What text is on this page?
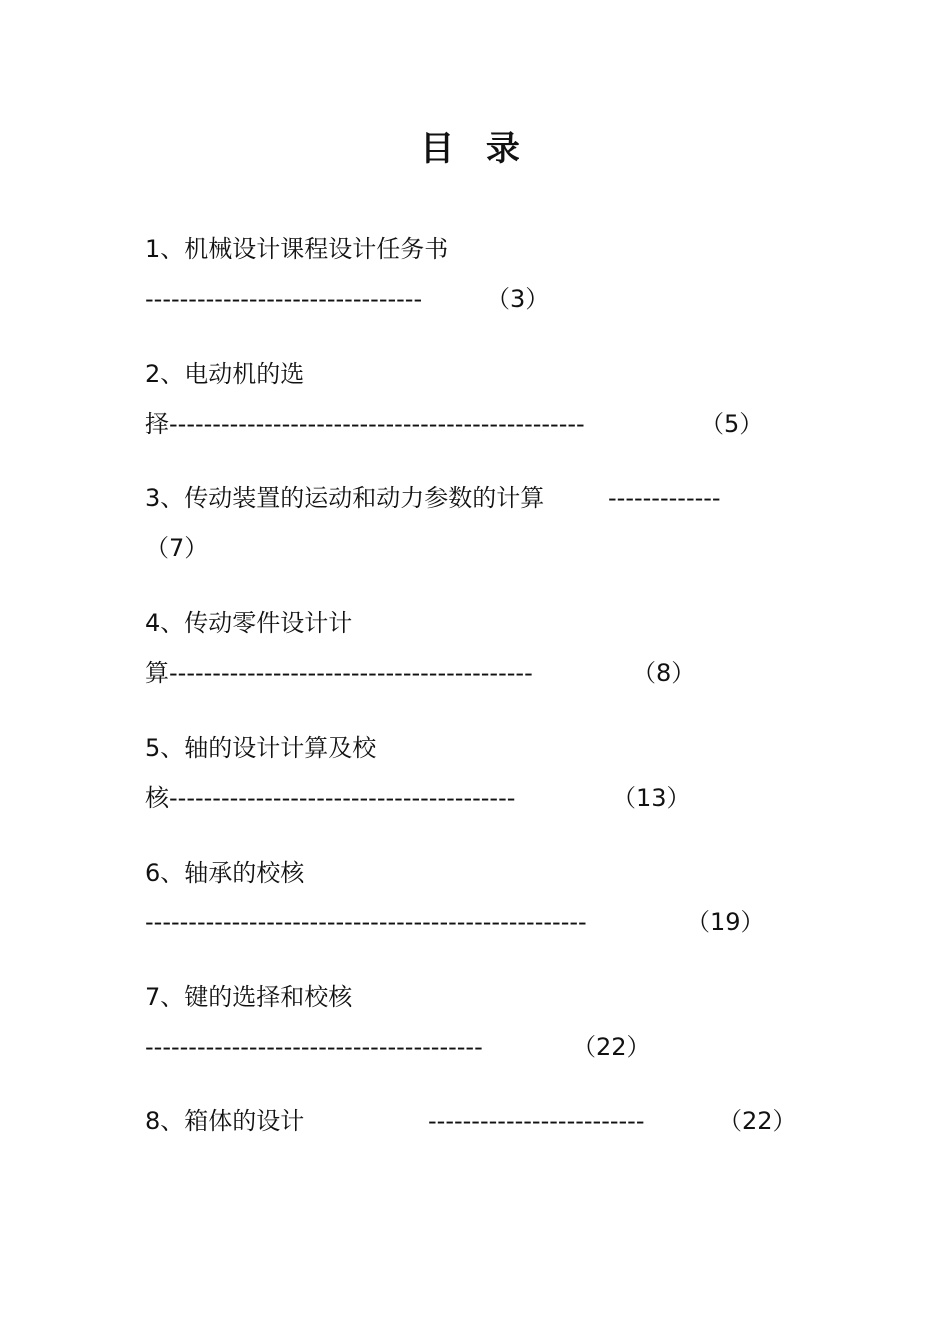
目 录
1、机械设计课程设计任务书
--------------------------------	（3）
2、电动机的选
择------------------------------------------------	（5）
3、传动装置的运动和动力参数的计算	-------------
（7）
4、传动零件设计计
算------------------------------------------	（8）
5、轴的设计计算及校
核----------------------------------------	（13）
6、轴承的校核
---------------------------------------------------	（19）
7、键的选择和校核
---------------------------------------	（22）
8、箱体的设计	-------------------------	（22）
